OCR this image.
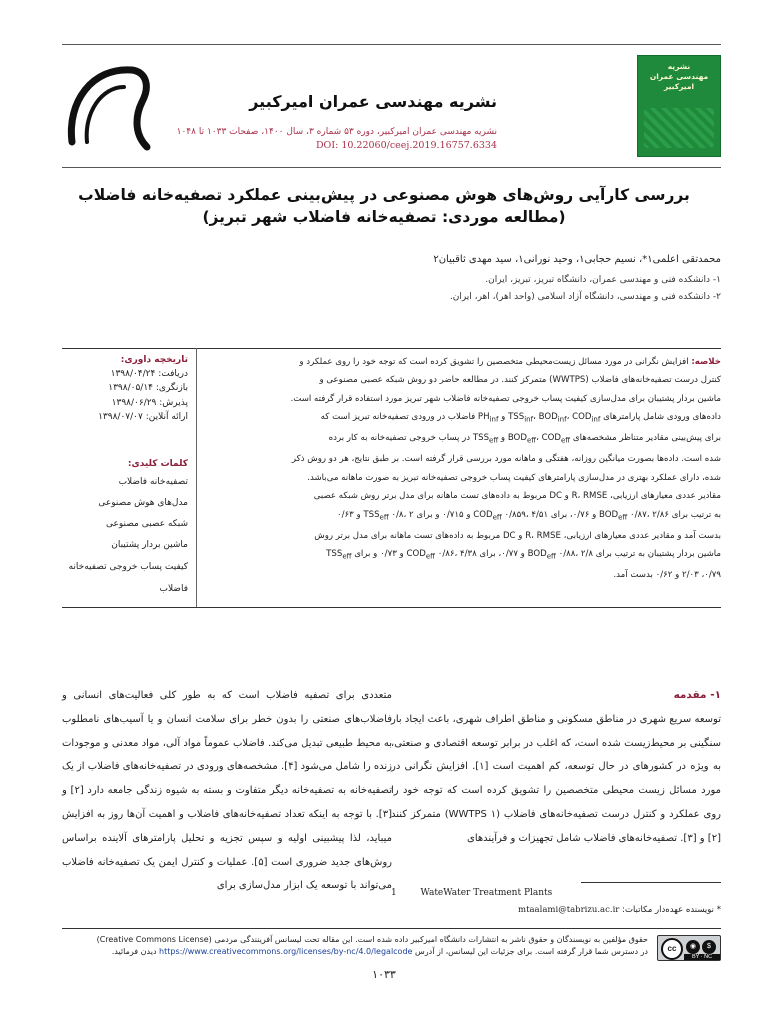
نشریه مهندسی عمران امیرکبیر
نشریه مهندسی عمران امیرکبیر، دوره ۵۳ شماره ۳، سال ۱۴۰۰، صفحات ۱۰۳۳ تا ۱۰۴۸
DOI: 10.22060/ceej.2019.16757.6334
نشریه
مهندسی عمران
امیرکبیر
بررسی کارآیی روش‌های هوش مصنوعی در پیش‌بینی عملکرد تصفیه‌خانه فاضلاب
(مطالعه موردی: تصفیه‌خانه فاضلاب شهر تبریز)
محمدتقی اعلمی۱*، نسیم حجابی۱، وحید نورانی۱، سید مهدی ثاقبیان۲
۱- دانشکده فنی و مهندسی عمران، دانشگاه تبریز، تبریز، ایران.
۲- دانشکده فنی و مهندسی، دانشگاه آزاد اسلامی (واحد اهر)، اهر، ایران.
خلاصه: افزایش نگرانی در مورد مسائل زیست‌محیطی متخصصین را تشویق کرده است که توجه خود را روی عملکرد و
کنترل درست تصفیه‌خانه‌های فاضلاب (WWTPS) متمرکز کنند. در مطالعه حاضر دو روش شبکه عصبی مصنوعی و
ماشین بردار پشتیبان برای مدل‌سازی کیفیت پساب خروجی تصفیه‌خانه فاضلاب شهر تبریز مورد استفاده قرار گرفته است.
داده‌های ورودی شامل پارامترهای $TSS_{inf}،$ $BOD_{inf}،$ $COD_{inf}$ و $PH_{inf}$ فاضلاب در ورودی تصفیه‌خانه تبریز است که
برای پیش‌بینی مقادیر متناظر مشخصه‌های $BOD_{eff}،$ $COD_{eff}$ و $TSS_{eff}$ در پساب خروجی تصفیه‌خانه به کار برده
شده است. داده‌ها بصورت میانگین روزانه، هفتگی و ماهانه مورد بررسی قرار گرفته است. بر طبق نتایج، هر دو روش ذکر
شده، دارای عملکرد بهتری در مدل‌سازی پارامترهای کیفیت پساب خروجی تصفیه‌خانه تبریز به صورت ماهانه می‌باشد.
مقادیر عددی معیارهای ارزیابی، R، RMSE و DC مربوط به داده‌های تست ماهانه برای مدل برتر روش شبکه عصبی
به ترتیب برای $BOD_{eff}$ ۰/۸۷، ۲/۸۶ و ۰/۷۶، برای $COD_{eff}$ ۰/۸۵۹، ۴/۵۱ و ۰/۷۱۵ و برای $TSS_{eff}$ ۰/۸، ۲ و ۰/۶۳
بدست آمد و مقادیر عددی معیارهای ارزیابی، R، RMSE و DC مربوط به داده‌های تست ماهانه برای مدل برتر روش
ماشین بردار پشتیبان به ترتیب برای $BOD_{eff}$ ۰/۸۸، ۲/۸ و ۰/۷۷، برای $COD_{eff}$ ۰/۸۶، ۴/۳۸ و ۰/۷۳ و برای $TSS_{eff}$
۰/۷۹، ۲/۰۳ و ۰/۶۲ بدست آمد.
تاریخچه داوری:
دریافت: ۱۳۹۸/۰۴/۲۴
بازنگری: ۱۳۹۸/۰۵/۱۴
پذیرش: ۱۳۹۸/۰۶/۲۹
ارائه آنلاین: ۱۳۹۸/۰۷/۰۷
کلمات کلیدی:
تصفیه‌خانه فاضلاب
مدل‌های هوش مصنوعی
شبکه عصبی مصنوعی
ماشین بردار پشتیبان
کیفیت پساب خروجی تصفیه‌خانه فاضلاب
۱- مقدمه
توسعه سریع شهری در مناطق مسکونی و مناطق اطراف شهری، باعث ایجاد بار سنگینی بر محیط‌زیست شده است، که اغلب در برابر توسعه اقتصادی و صنعتی، به ویژه در کشورهای در حال توسعه، کم اهمیت است [۱]. افزایش نگرانی در مورد مسائل زیست محیطی متخصصین را تشویق کرده است که توجه خود را روی عملکرد و کنترل درست تصفیه‌خانه‌های فاضلاب (WWTPS ۱) متمرکز کنند [۲] و [۳]. تصفیه‌خانه‌های فاضلاب شامل تجهیزات و فرآیندهای
متعددی برای تصفیه فاضلاب است که به طور کلی فعالیت‌های انسانی و فاضلاب‌های صنعتی را بدون خطر برای سلامت انسان و یا آسیب‌های نامطلوب به محیط طبیعی تبدیل می‌کند. فاضلاب عموماً مواد آلی، مواد معدنی و موجودات زنده را شامل می‌شود [۴]. مشخصه‌های ورودی در تصفیه‌خانه‌های فاضلاب از یک تصفیه‌خانه به تصفیه‌خانه دیگر متفاوت و بسته به شیوه زندگی جامعه دارد [۲] و [۳]. با توجه به اینکه تعداد تصفیه‌خانه‌های فاضلاب و اهمیت آن‌ها روز به افزایش میباید، لذا پیشبینی اولیه و سپس تجزیه و تحلیل پارامترهای آلاینده براساس روش‌های جدید ضروری است [۵]. عملیات و کنترل ایمن یک تصفیه‌خانه فاضلاب می‌تواند با توسعه یک ابزار مدل‌سازی برای
1	WateWater Treatment Plants
* نویسنده عهده‌دار مکاتبات: mtaalami@tabrizu.ac.ir
حقوق مؤلفین به نویسندگان و حقوق ناشر به انتشارات دانشگاه امیرکبیر داده شده است. این مقاله تحت لیسانس آفرینندگی مردمی (Creative Commons License)
در دسترس شما قرار گرفته است. برای جزئیات این لیسانس، از آدرس https://www.creativecommons.org/licenses/by-nc/4.0/legalcode دیدن فرمائید.	cc	◉	$
BY · NC
۱۰۳۳
